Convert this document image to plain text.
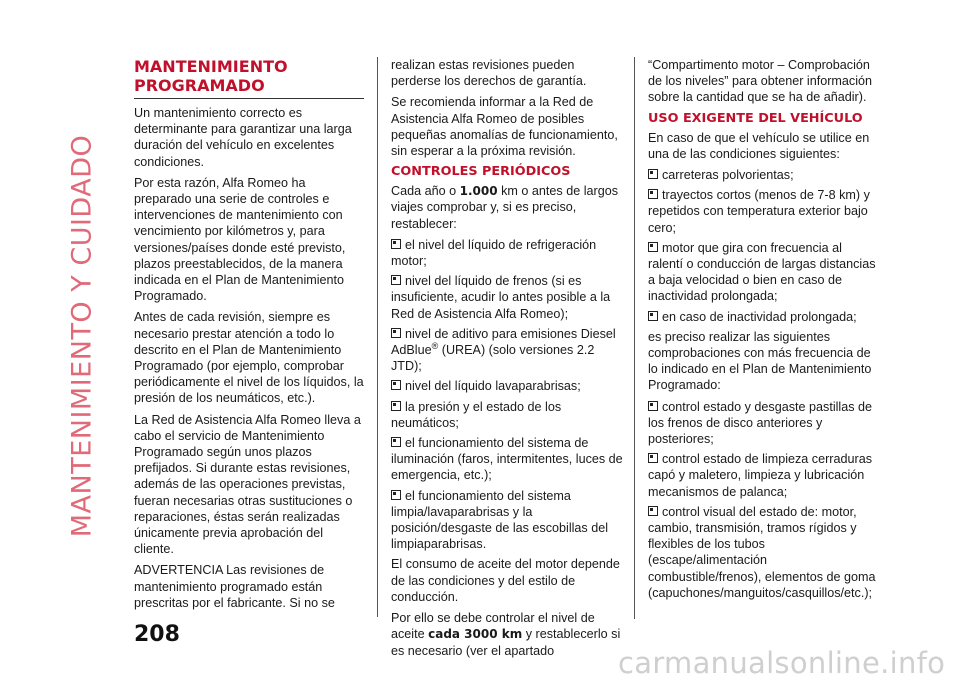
MANTENIMIENTO Y CUIDADO
MANTENIMIENTO
PROGRAMADO

Un mantenimiento correcto es determinante para garantizar una larga duración del vehículo en excelentes condiciones.

Por esta razón, Alfa Romeo ha preparado una serie de controles e intervenciones de mantenimiento con vencimiento por kilómetros y, para versiones/países donde esté previsto, plazos preestablecidos, de la manera indicada en el Plan de Mantenimiento Programado.

Antes de cada revisión, siempre es necesario prestar atención a todo lo descrito en el Plan de Mantenimiento Programado (por ejemplo, comprobar periódicamente el nivel de los líquidos, la presión de los neumáticos, etc.).

La Red de Asistencia Alfa Romeo lleva a cabo el servicio de Mantenimiento Programado según unos plazos prefijados. Si durante estas revisiones, además de las operaciones previstas, fueran necesarias otras sustituciones o reparaciones, éstas serán realizadas únicamente previa aprobación del cliente.

ADVERTENCIA Las revisiones de mantenimiento programado están prescritas por el fabricante. Si no se

realizan estas revisiones pueden perderse los derechos de garantía.

Se recomienda informar a la Red de Asistencia Alfa Romeo de posibles pequeñas anomalías de funcionamiento, sin esperar a la próxima revisión.

CONTROLES PERIÓDICOS

Cada año o 1.000 km o antes de largos viajes comprobar y, si es preciso, restablecer:

el nivel del líquido de refrigeración motor;
nivel del líquido de frenos (si es insuficiente, acudir lo antes posible a la Red de Asistencia Alfa Romeo);
nivel de aditivo para emisiones Diesel AdBlue® (UREA) (solo versiones 2.2 JTD);
nivel del líquido lavaparabrisas;
la presión y el estado de los neumáticos;
el funcionamiento del sistema de iluminación (faros, intermitentes, luces de emergencia, etc.);
el funcionamiento del sistema limpia/lavaparabrisas y la posición/desgaste de las escobillas del limpiaparabrisas.

El consumo de aceite del motor depende de las condiciones y del estilo de conducción.

Por ello se debe controlar el nivel de aceite cada 3000 km y restablecerlo si es necesario (ver el apartado

“Compartimento motor – Comprobación de los niveles” para obtener información sobre la cantidad que se ha de añadir).

USO EXIGENTE DEL VEHÍCULO

En caso de que el vehículo se utilice en una de las condiciones siguientes:

carreteras polvorientas;
trayectos cortos (menos de 7-8 km) y repetidos con temperatura exterior bajo cero;
motor que gira con frecuencia al ralentí o conducción de largas distancias a baja velocidad o bien en caso de inactividad prolongada;
en caso de inactividad prolongada;

es preciso realizar las siguientes comprobaciones con más frecuencia de lo indicado en el Plan de Mantenimiento Programado:

control estado y desgaste pastillas de los frenos de disco anteriores y posteriores;
control estado de limpieza cerraduras capó y maletero, limpieza y lubricación mecanismos de palanca;
control visual del estado de: motor, cambio, transmisión, tramos rígidos y flexibles de los tubos (escape/alimentación combustible/frenos), elementos de goma (capuchones/manguitos/casquillos/etc.);
208
carmanualsonline.info
